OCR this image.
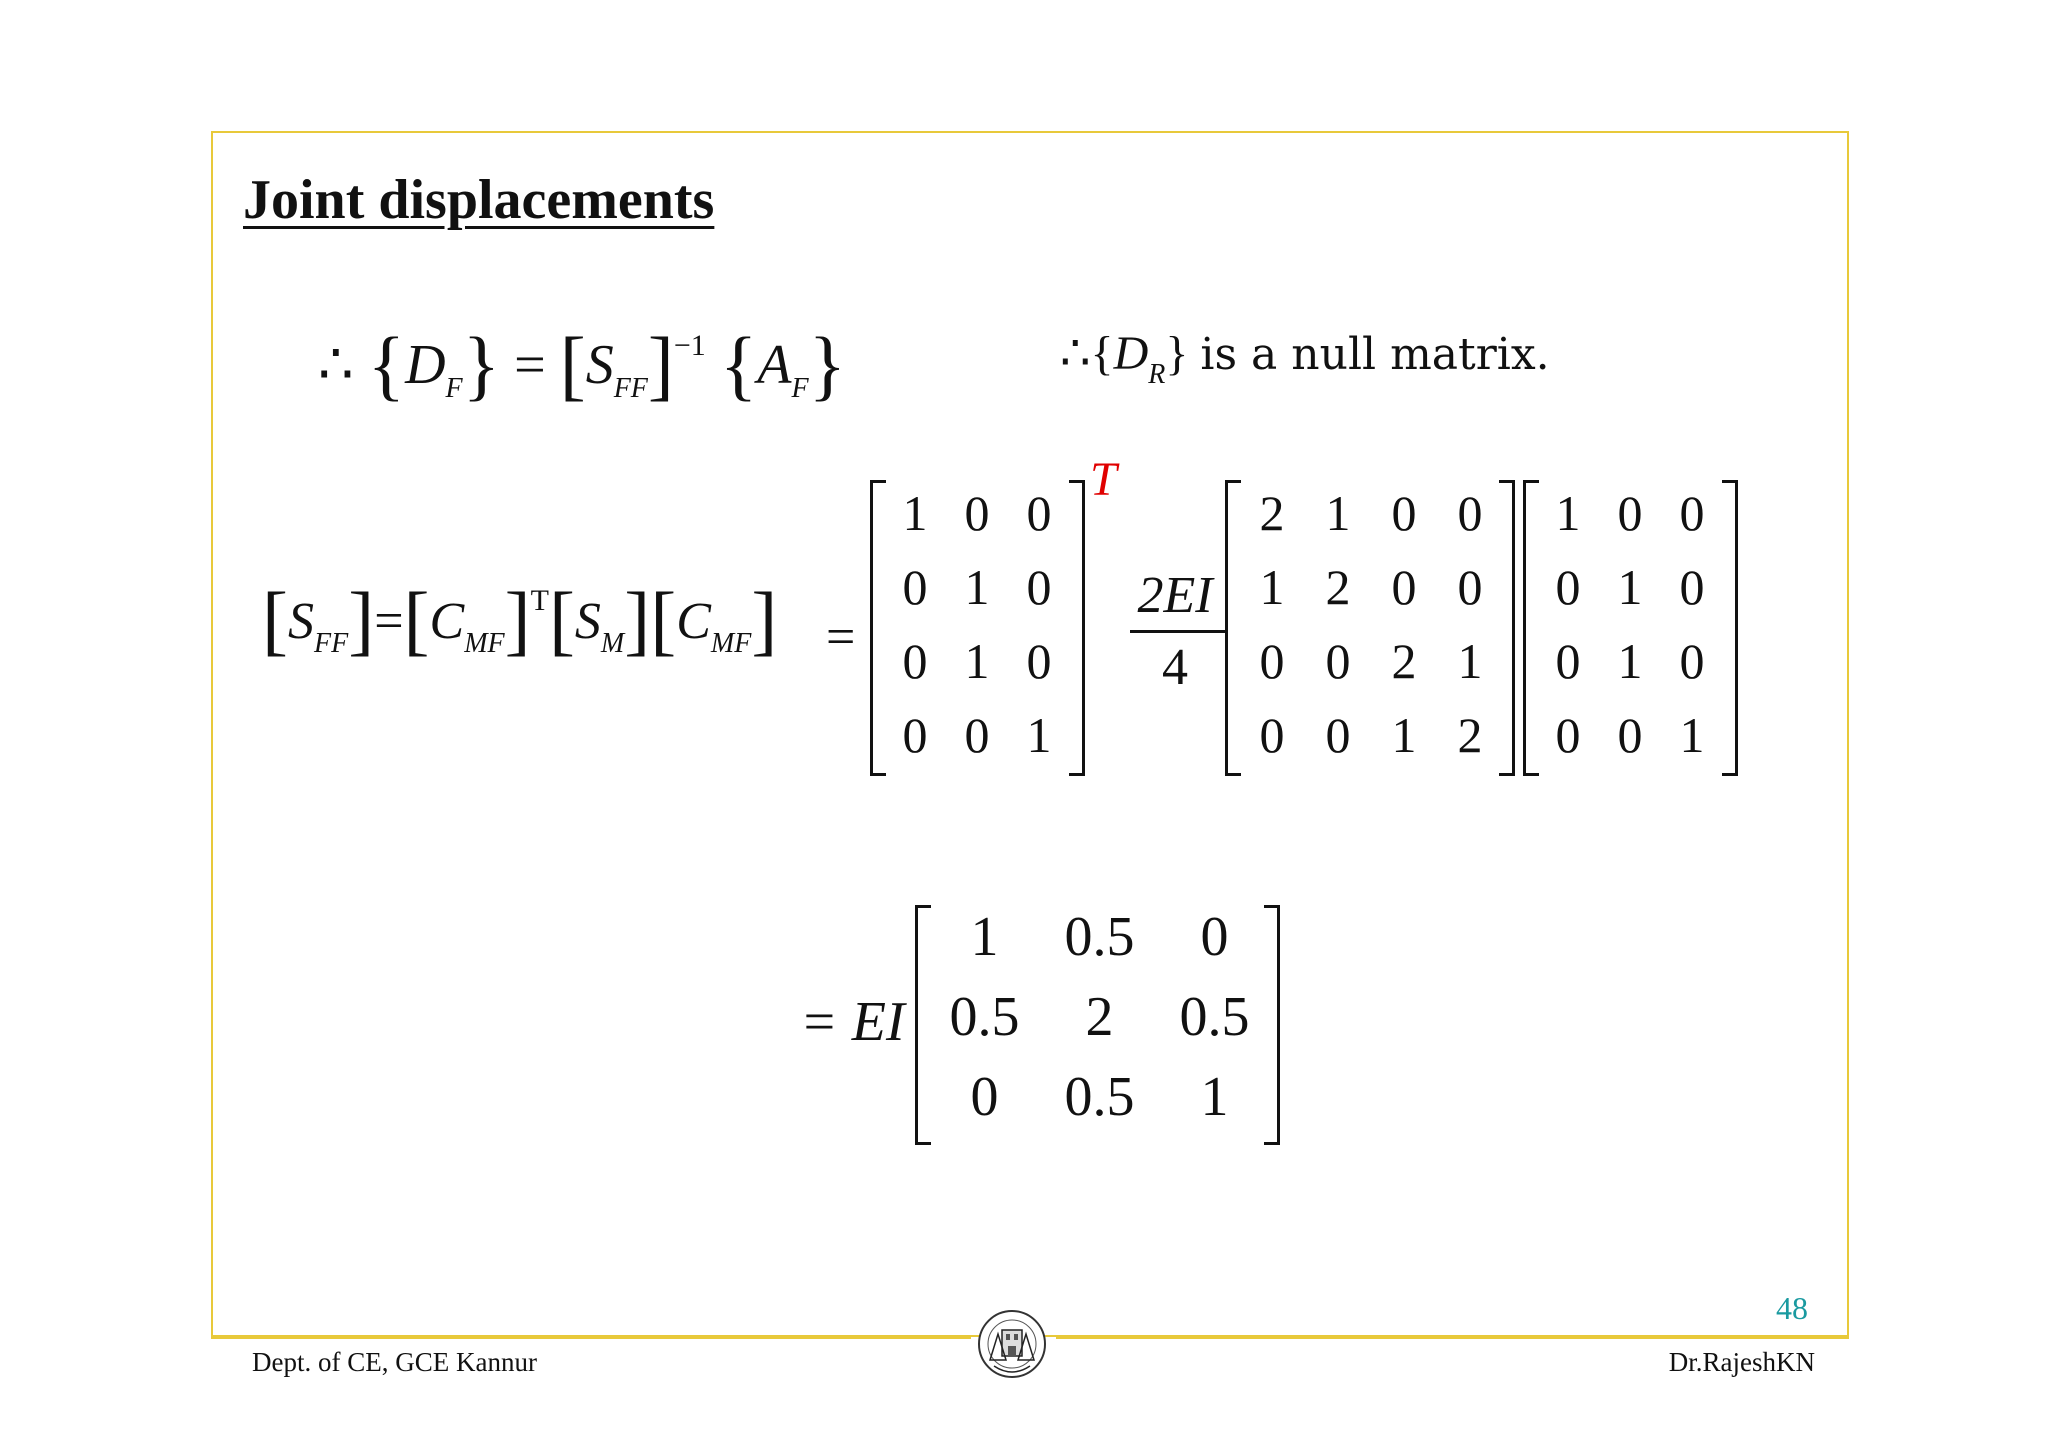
Joint displacements
∴ $\{D_F\} = [S_{FF}]^{-1}$ $\{A_F\}$	$\therefore\{D_R\}$ is a null matrix.
$[S_{FF}]=[C_{MF}]^T[S_M][C_{MF}]$ =
1 0 0
0 1 0
0 1 0
0 0 1
T
2EI
4
2 1 0 0
1 2 0 0
0 0 2 1
0 0 1 2
1 0 0
0 1 0
0 1 0
0 0 1
= EI
1	0.5	0
0.5	2	0.5
0	0.5	1
48
Dept. of CE, GCE Kannur	Dr.RajeshKN
